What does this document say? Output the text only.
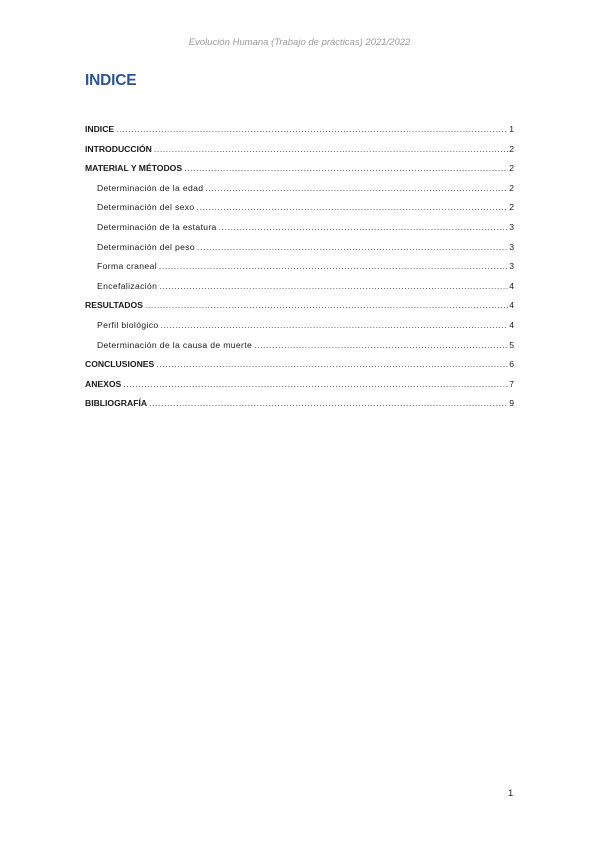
Evolución Humana (Trabajo de prácticas) 2021/2022
INDICE
INDICE .....	1
INTRODUCCIÓN .....	2
MATERIAL Y MÉTODOS .....	2
Determinación de la edad .....	2
Determinación del sexo .....	2
Determinación de la estatura .....	3
Determinación del peso .....	3
Forma craneal .....	3
Encefalización .....	4
RESULTADOS .....	4
Perfil biológico .....	4
Determinación de la causa de muerte .....	5
CONCLUSIONES .....	6
ANEXOS .....	7
BIBLIOGRAFÍA .....	9
1
